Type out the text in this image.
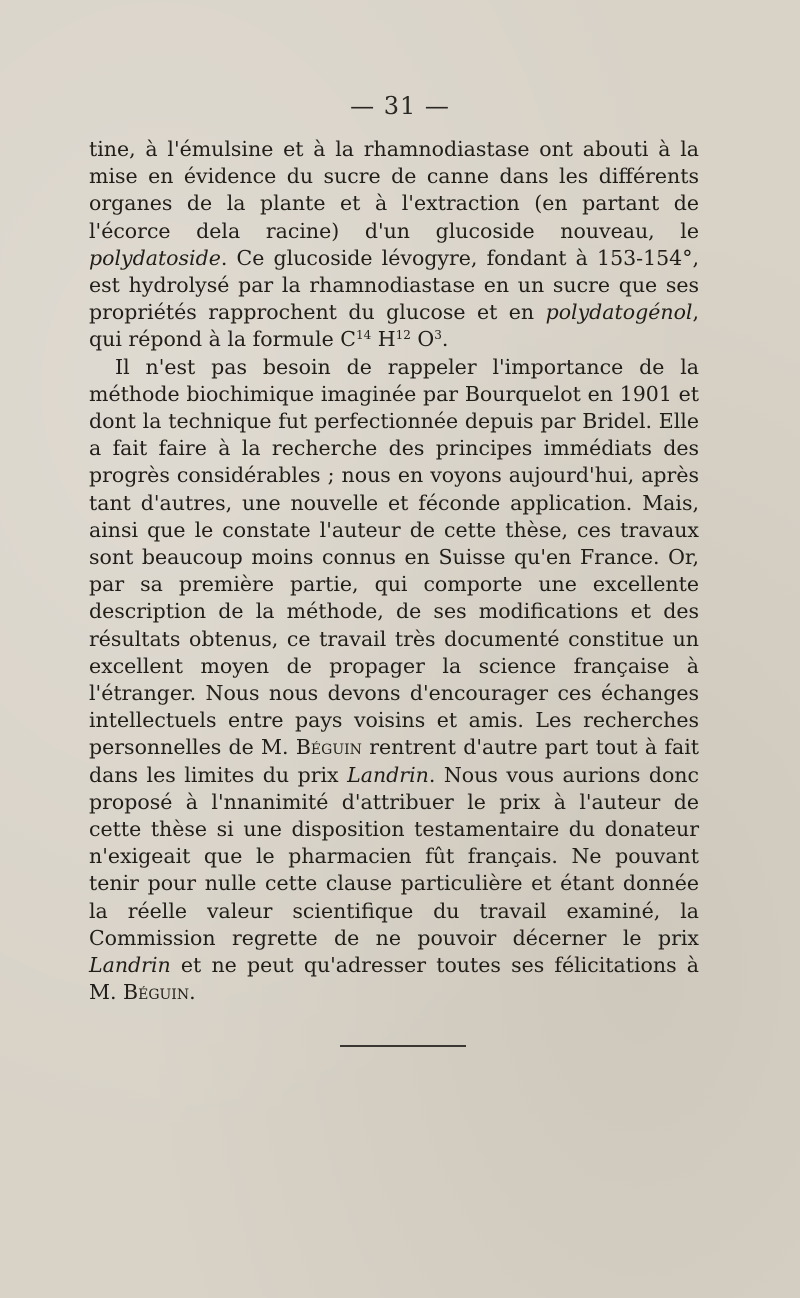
— 31 —

tine, à l'émulsine et à la rhamnodiastase ont abouti à la mise en évidence du sucre de canne dans les différents organes de la plante et à l'extraction (en partant de l'écorce dela racine) d'un glucoside nouveau, le polydatoside. Ce glucoside lévogyre, fondant à 153-154°, est hydrolysé par la rhamnodiastase en un sucre que ses propriétés rapprochent du glucose et en polydatogénol, qui répond à la formule $C^{14}$ $H^{12}$ $O^3$.

Il n'est pas besoin de rappeler l'importance de la méthode biochimique imaginée par Bourquelot en 1901 et dont la technique fut perfectionnée depuis par Bridel. Elle a fait faire à la recherche des principes immédiats des progrès considérables ; nous en voyons aujourd'hui, après tant d'autres, une nouvelle et féconde application. Mais, ainsi que le constate l'auteur de cette thèse, ces travaux sont beaucoup moins connus en Suisse qu'en France. Or, par sa première partie, qui comporte une excellente description de la méthode, de ses modifications et des résultats obtenus, ce travail très documenté constitue un excellent moyen de propager la science française à l'étranger. Nous nous devons d'encourager ces échanges intellectuels entre pays voisins et amis. Les recherches personnelles de M. Béguin rentrent d'autre part tout à fait dans les limites du prix Landrin. Nous vous aurions donc proposé à l'nnanimité d'attribuer le prix à l'auteur de cette thèse si une disposition testamentaire du donateur n'exigeait que le pharmacien fût français. Ne pouvant tenir pour nulle cette clause particulière et étant donnée la réelle valeur scientifique du travail examiné, la Commission regrette de ne pouvoir décerner le prix Landrin et ne peut qu'adresser toutes ses félicitations à M. Béguin.
